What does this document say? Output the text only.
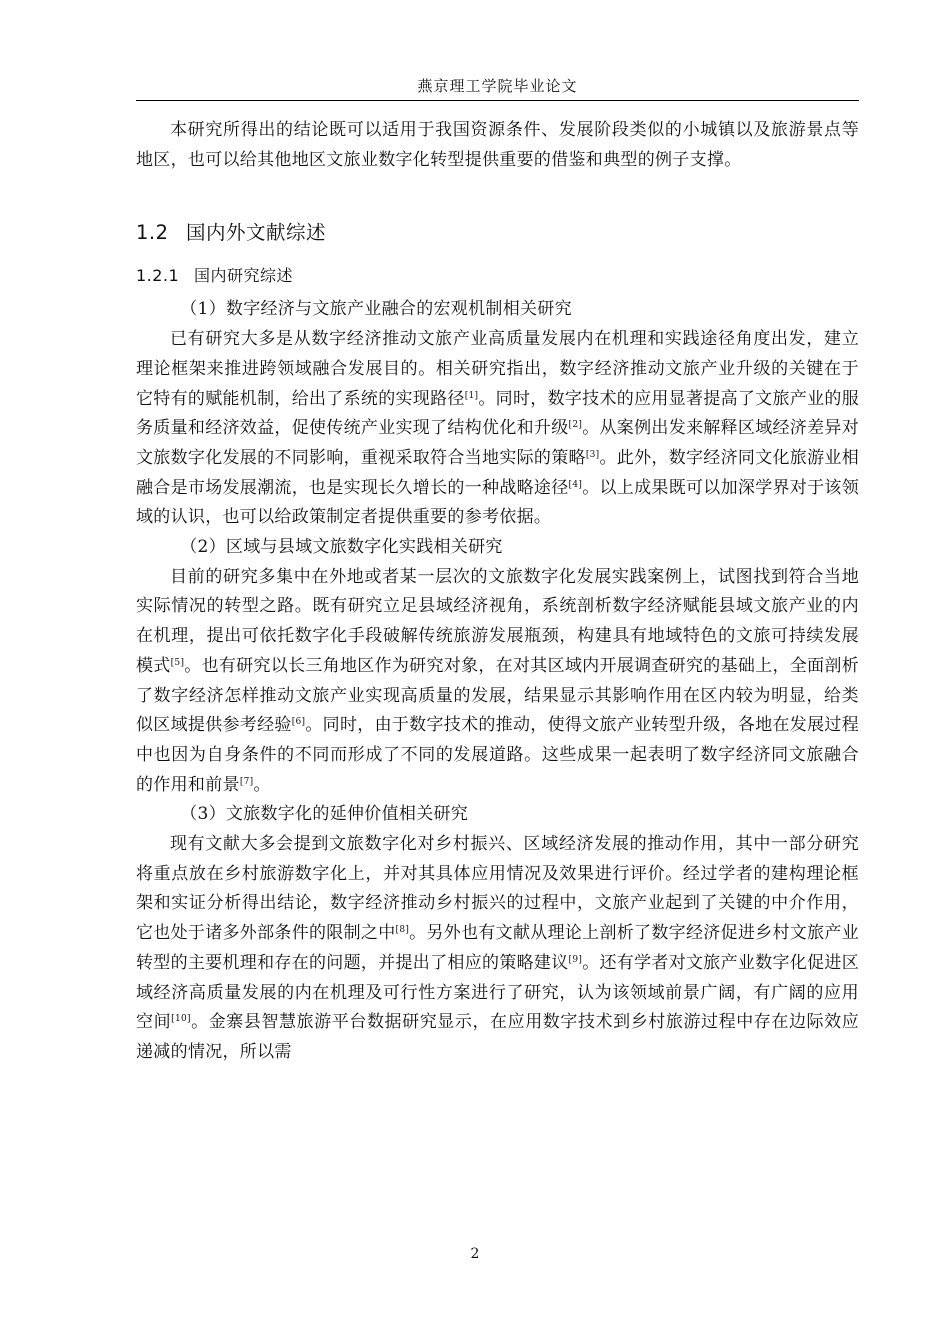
燕京理工学院毕业论文

本研究所得出的结论既可以适用于我国资源条件、发展阶段类似的小城镇以及旅游景点等地区，也可以给其他地区文旅业数字化转型提供重要的借鉴和典型的例子支撑。

1.2 国内外文献综述
1.2.1 国内研究综述

（1）数字经济与文旅产业融合的宏观机制相关研究

已有研究大多是从数字经济推动文旅产业高质量发展内在机理和实践途径角度出发，建立理论框架来推进跨领域融合发展目的。相关研究指出，数字经济推动文旅产业升级的关键在于它特有的赋能机制，给出了系统的实现路径[1]。同时，数字技术的应用显著提高了文旅产业的服务质量和经济效益，促使传统产业实现了结构优化和升级[2]。从案例出发来解释区域经济差异对文旅数字化发展的不同影响，重视采取符合当地实际的策略[3]。此外，数字经济同文化旅游业相融合是市场发展潮流，也是实现长久增长的一种战略途径[4]。以上成果既可以加深学界对于该领域的认识，也可以给政策制定者提供重要的参考依据。

（2）区域与县域文旅数字化实践相关研究

目前的研究多集中在外地或者某一层次的文旅数字化发展实践案例上，试图找到符合当地实际情况的转型之路。既有研究立足县域经济视角，系统剖析数字经济赋能县域文旅产业的内在机理，提出可依托数字化手段破解传统旅游发展瓶颈，构建具有地域特色的文旅可持续发展模式[5]。也有研究以长三角地区作为研究对象，在对其区域内开展调查研究的基础上，全面剖析了数字经济怎样推动文旅产业实现高质量的发展，结果显示其影响作用在区内较为明显，给类似区域提供参考经验[6]。同时，由于数字技术的推动，使得文旅产业转型升级，各地在发展过程中也因为自身条件的不同而形成了不同的发展道路。这些成果一起表明了数字经济同文旅融合的作用和前景[7]。

（3）文旅数字化的延伸价值相关研究

现有文献大多会提到文旅数字化对乡村振兴、区域经济发展的推动作用，其中一部分研究将重点放在乡村旅游数字化上，并对其具体应用情况及效果进行评价。经过学者的建构理论框架和实证分析得出结论，数字经济推动乡村振兴的过程中，文旅产业起到了关键的中介作用，它也处于诸多外部条件的限制之中[8]。另外也有文献从理论上剖析了数字经济促进乡村文旅产业转型的主要机理和存在的问题，并提出了相应的策略建议[9]。还有学者对文旅产业数字化促进区域经济高质量发展的内在机理及可行性方案进行了研究，认为该领域前景广阔，有广阔的应用空间[10]。金寨县智慧旅游平台数据研究显示，在应用数字技术到乡村旅游过程中存在边际效应递减的情况，所以需

2
